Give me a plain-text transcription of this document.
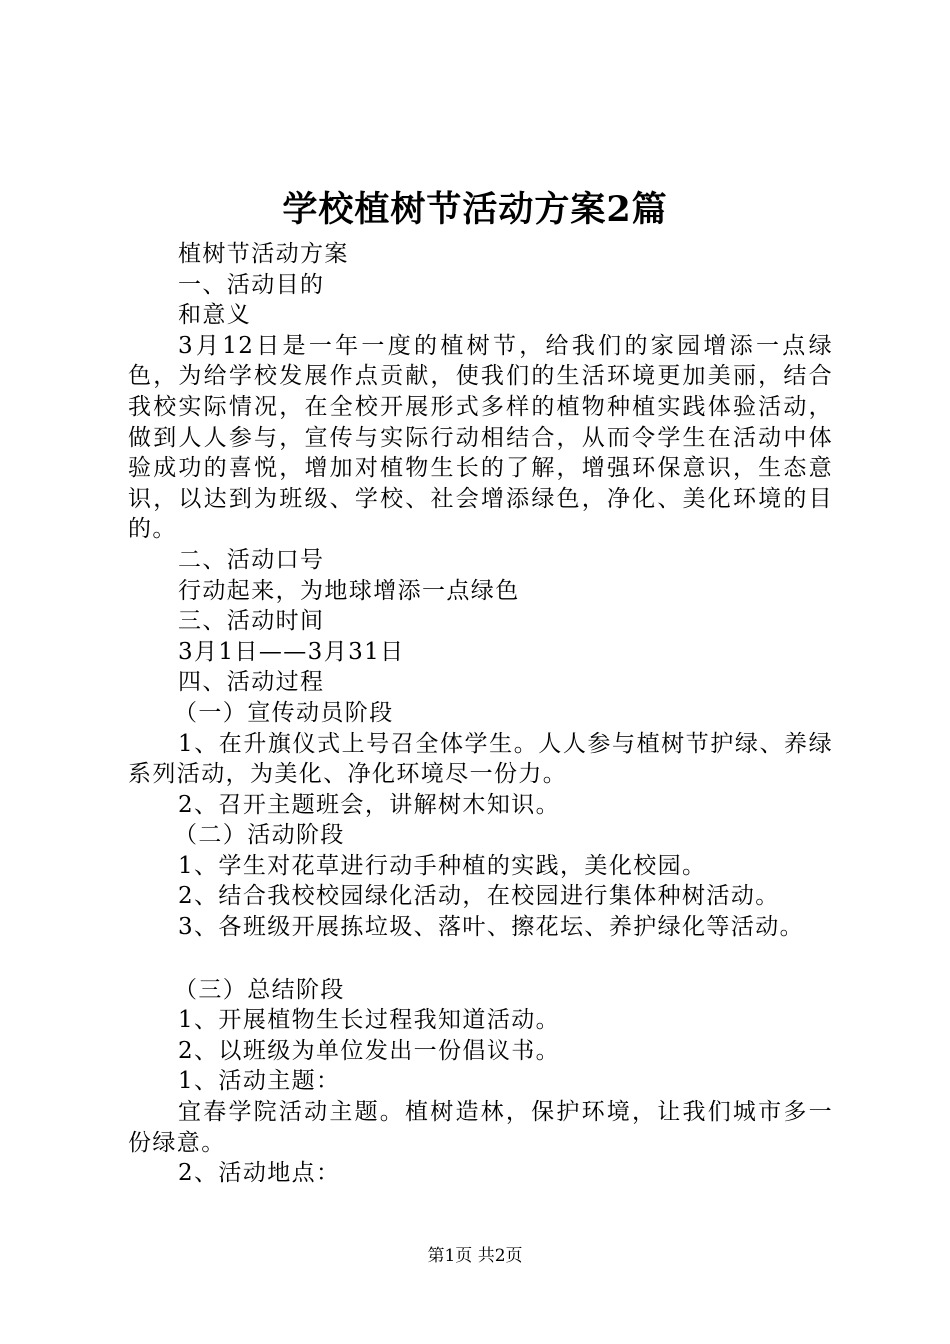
学校植树节活动方案2篇

植树节活动方案

一、活动目的

和意义

3月12日是一年一度的植树节，给我们的家园增添一点绿色，为给学校发展作点贡献，使我们的生活环境更加美丽，结合我校实际情况，在全校开展形式多样的植物种植实践体验活动，做到人人参与，宣传与实际行动相结合，从而令学生在活动中体验成功的喜悦，增加对植物生长的了解，增强环保意识，生态意识，以达到为班级、学校、社会增添绿色，净化、美化环境的目的。

二、活动口号

行动起来，为地球增添一点绿色

三、活动时间

3月1日——3月31日

四、活动过程

（一）宣传动员阶段

1、在升旗仪式上号召全体学生。人人参与植树节护绿、养绿系列活动，为美化、净化环境尽一份力。

2、召开主题班会，讲解树木知识。

（二）活动阶段

1、学生对花草进行动手种植的实践，美化校园。

2、结合我校校园绿化活动，在校园进行集体种树活动。

3、各班级开展拣垃圾、落叶、擦花坛、养护绿化等活动。

（三）总结阶段

1、开展植物生长过程我知道活动。

2、以班级为单位发出一份倡议书。

1、活动主题：

宜春学院活动主题。植树造林，保护环境，让我们城市多一份绿意。

2、活动地点：

第1页 共2页
